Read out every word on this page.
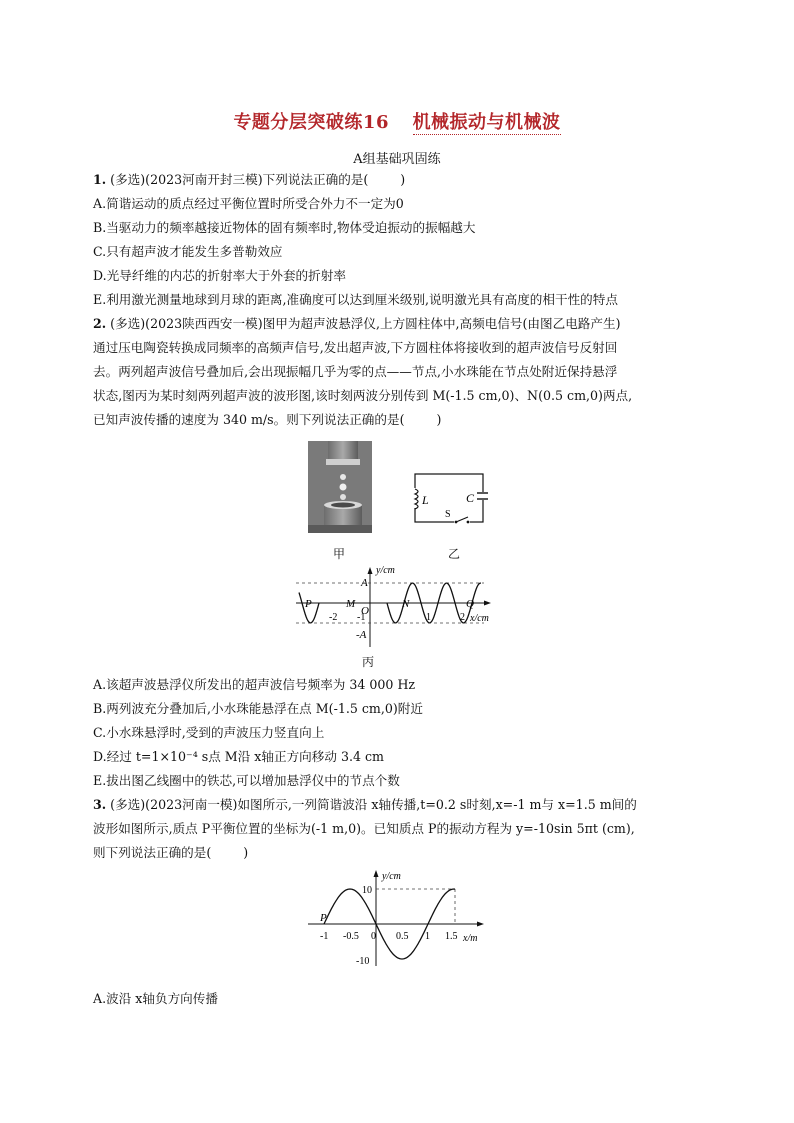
专题分层突破练16 机械振动与机械波
A组基础巩固练
1. (多选)(2023河南开封三模)下列说法正确的是(	)
A.简谐运动的质点经过平衡位置时所受合外力不一定为0
B.当驱动力的频率越接近物体的固有频率时,物体受迫振动的振幅越大
C.只有超声波才能发生多普勒效应
D.光导纤维的内芯的折射率大于外套的折射率
E.利用激光测量地球到月球的距离,准确度可以达到厘米级别,说明激光具有高度的相干性的特点
2. (多选)(2023陕西西安一模)图甲为超声波悬浮仪,上方圆柱体中,高频电信号(由图乙电路产生)
通过压电陶瓷转换成同频率的高频声信号,发出超声波,下方圆柱体将接收到的超声波信号反射回
去。两列超声波信号叠加后,会出现振幅几乎为零的点——节点,小水珠能在节点处附近保持悬浮
状态,图丙为某时刻两列超声波的波形图,该时刻两波分别传到 M(-1.5 cm,0)、N(0.5 cm,0)两点,
已知声波传播的速度为 340 m/s。则下列说法正确的是(	)
甲
L	C
S
乙
y/cm
x/cm
A
-A
O
-2 -1	1	2
P	M	N	Q
丙
A.该超声波悬浮仪所发出的超声波信号频率为 34 000 Hz
B.两列波充分叠加后,小水珠能悬浮在点 M(-1.5 cm,0)附近
C.小水珠悬浮时,受到的声波压力竖直向上
D.经过 t=1×10⁻⁴ s点 M沿 x轴正方向移动 3.4 cm
E.拔出图乙线圈中的铁芯,可以增加悬浮仪中的节点个数
3. (多选)(2023河南一模)如图所示,一列简谐波沿 x轴传播,t=0.2 s时刻,x=-1 m与 x=1.5 m间的
波形如图所示,质点 P平衡位置的坐标为(-1 m,0)。已知质点 P的振动方程为 y=-10sin 5πt (cm),
则下列说法正确的是(	)
y/cm
x/m
10
-10
P
-1 -0.5 0 0.5 1 1.5
A.波沿 x轴负方向传播
